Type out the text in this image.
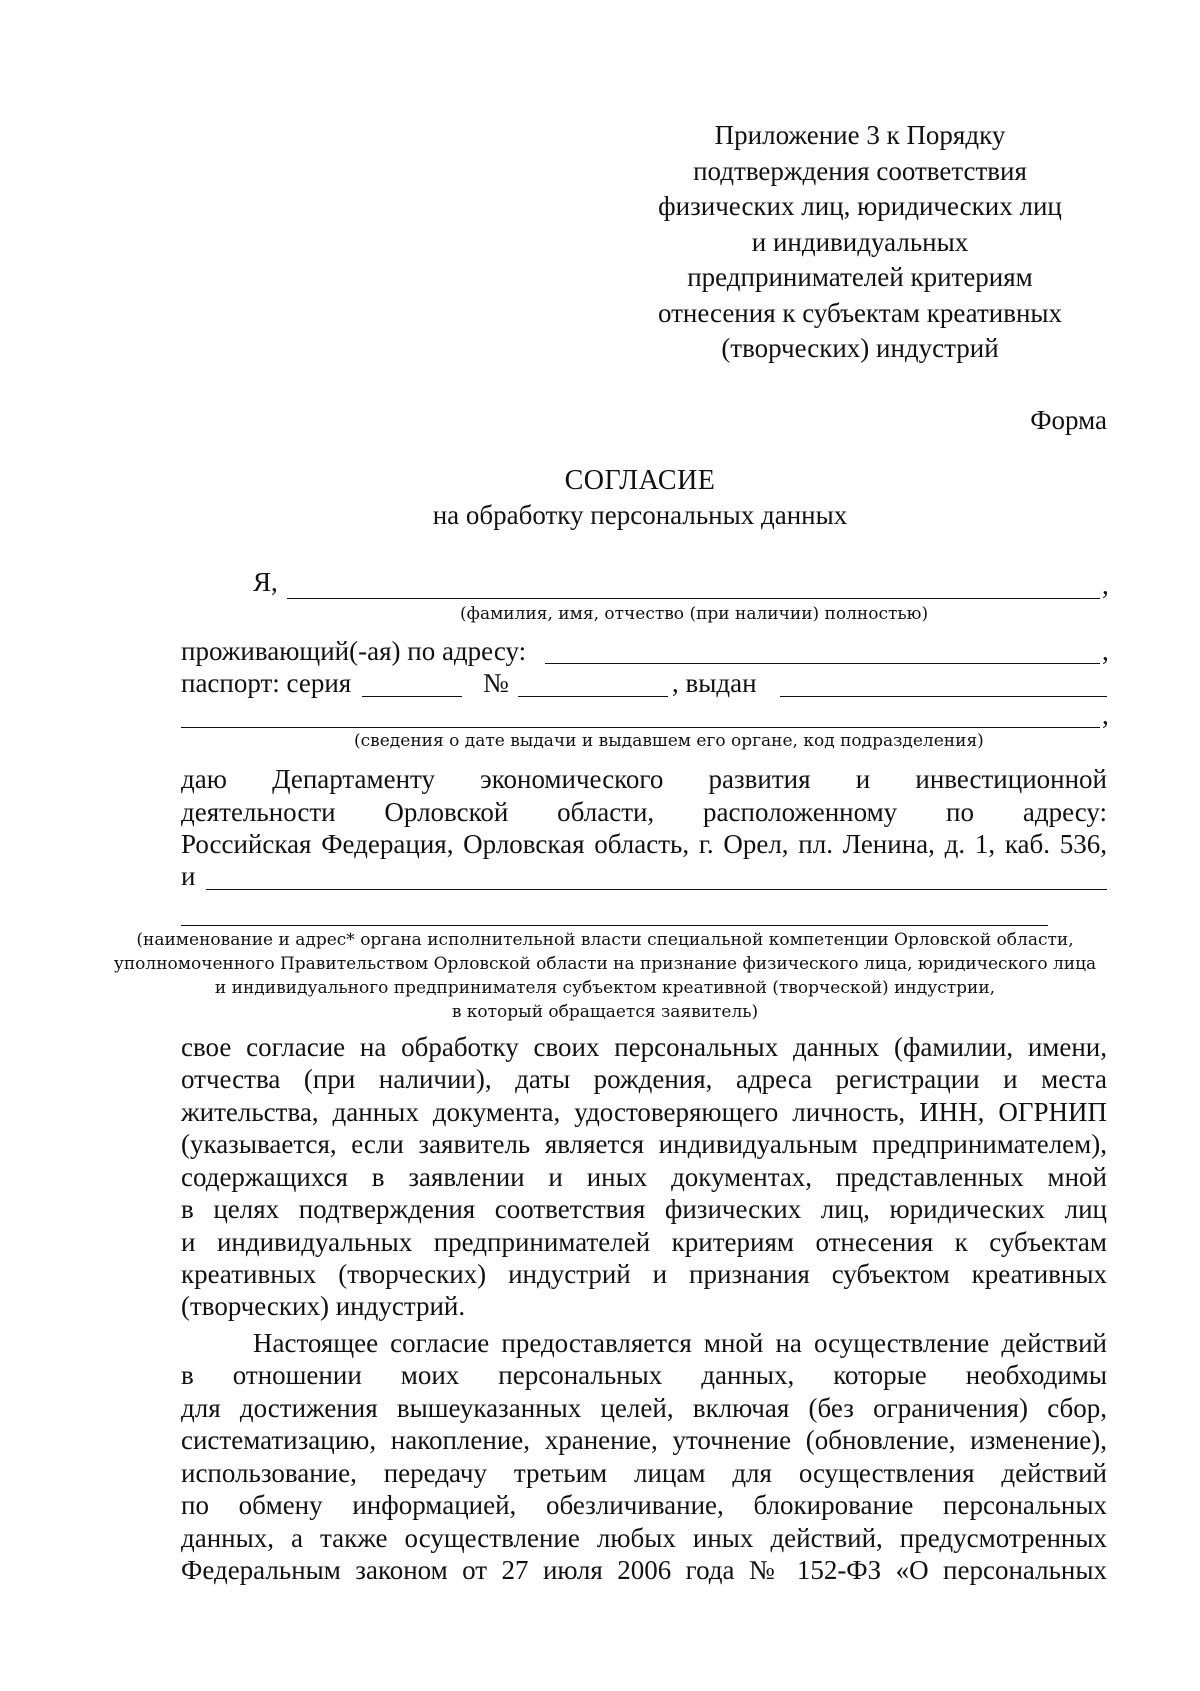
Приложение 3 к Порядку
подтверждения соответствия
физических лиц, юридических лиц
и индивидуальных
предпринимателей критериям
отнесения к субъектам креативных
(творческих) индустрий
Форма
СОГЛАСИЕ
на обработку персональных данных
Я,	,
(фамилия, имя, отчество (при наличии) полностью)
проживающий(-ая) по адресу:	,
паспорт: серия	№	, выдан
,
(сведения о дате выдачи и выдавшем его органе, код подразделения)
даю Департаменту экономического развития и инвестиционной
деятельности Орловской области, расположенному по адресу:
Российская Федерация, Орловская область, г. Орел, пл. Ленина, д. 1, каб. 536,
и
(наименование и адрес* органа исполнительной власти специальной компетенции Орловской области,
уполномоченного Правительством Орловской области на признание физического лица, юридического лица
и индивидуального предпринимателя субъектом креативной (творческой) индустрии,
в который обращается заявитель)
свое согласие на обработку своих персональных данных (фамилии, имени,
отчества (при наличии), даты рождения, адреса регистрации и места
жительства, данных документа, удостоверяющего личность, ИНН, ОГРНИП
(указывается, если заявитель является индивидуальным предпринимателем),
содержащихся в заявлении и иных документах, представленных мной
в целях подтверждения соответствия физических лиц, юридических лиц
и индивидуальных предпринимателей критериям отнесения к субъектам
креативных (творческих) индустрий и признания субъектом креативных
(творческих) индустрий.
Настоящее согласие предоставляется мной на осуществление действий
в отношении моих персональных данных, которые необходимы
для достижения вышеуказанных целей, включая (без ограничения) сбор,
систематизацию, накопление, хранение, уточнение (обновление, изменение),
использование, передачу третьим лицам для осуществления действий
по обмену информацией, обезличивание, блокирование персональных
данных, а также осуществление любых иных действий, предусмотренных
Федеральным законом от 27 июля 2006 года № 152-ФЗ «О персональных
